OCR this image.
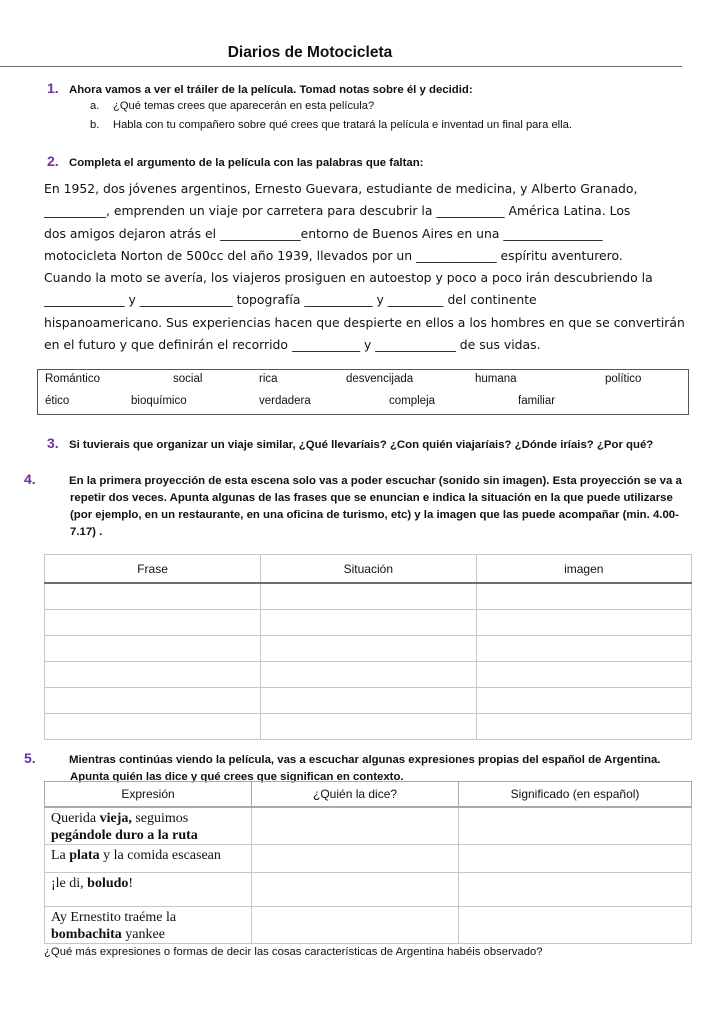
Diarios de Motocicleta
1. Ahora vamos a ver el tráiler de la película. Tomad notas sobre él y decidid:
a. ¿Qué temas crees que aparecerán en esta película?
b. Habla con tu compañero sobre qué crees que tratará la película e inventad un final para ella.
2. Completa el argumento de la película con las palabras que faltan:
En 1952, dos jóvenes argentinos, Ernesto Guevara, estudiante de medicina, y Alberto Granado,
__________, emprenden un viaje por carretera para descubrir la ___________ América Latina. Los
dos amigos dejaron atrás el _____________entorno de Buenos Aires en una ________________
motocicleta Norton de 500cc del año 1939, llevados por un _____________ espíritu aventurero.
Cuando la moto se avería, los viajeros prosiguen en autoestop y poco a poco irán descubriendo la
_____________ y _______________ topografía ___________ y _________ del continente
hispanoamericano. Sus experiencias hacen que despierte en ellos a los hombres en que se convertirán
en el futuro y que definirán el recorrido ___________ y _____________ de sus vidas.
Romántico	social	rica	desvencijada	humana	político
ético	bioquímico	verdadera	compleja	familiar
3. Si tuvierais que organizar un viaje similar, ¿Qué llevaríais? ¿Con quién viajaríais? ¿Dónde iríais? ¿Por qué?
4.	En la primera proyección de esta escena solo vas a poder escuchar (sonido sin imagen). Esta proyección se va a repetir dos veces. Apunta algunas de las frases que se enuncian e indica la situación en la que puede utilizarse (por ejemplo, en un restaurante, en una oficina de turismo, etc) y la imagen que las puede acompañar (min. 4.00-7.17) .
Frase	Situación	imagen

5.	Mientras continúas viendo la película, vas a escuchar algunas expresiones propias del español de Argentina. Apunta quién las dice y qué crees que significan en contexto.
Expresión	¿Quién la dice?	Significado (en español)
Querida vieja, seguimos pegándole duro a la ruta		
La plata y la comida escasean		
¡le di, boludo!		
Ay Ernestito traéme la bombachita yankee		
¿Qué más expresiones o formas de decir las cosas características de Argentina habéis observado?
